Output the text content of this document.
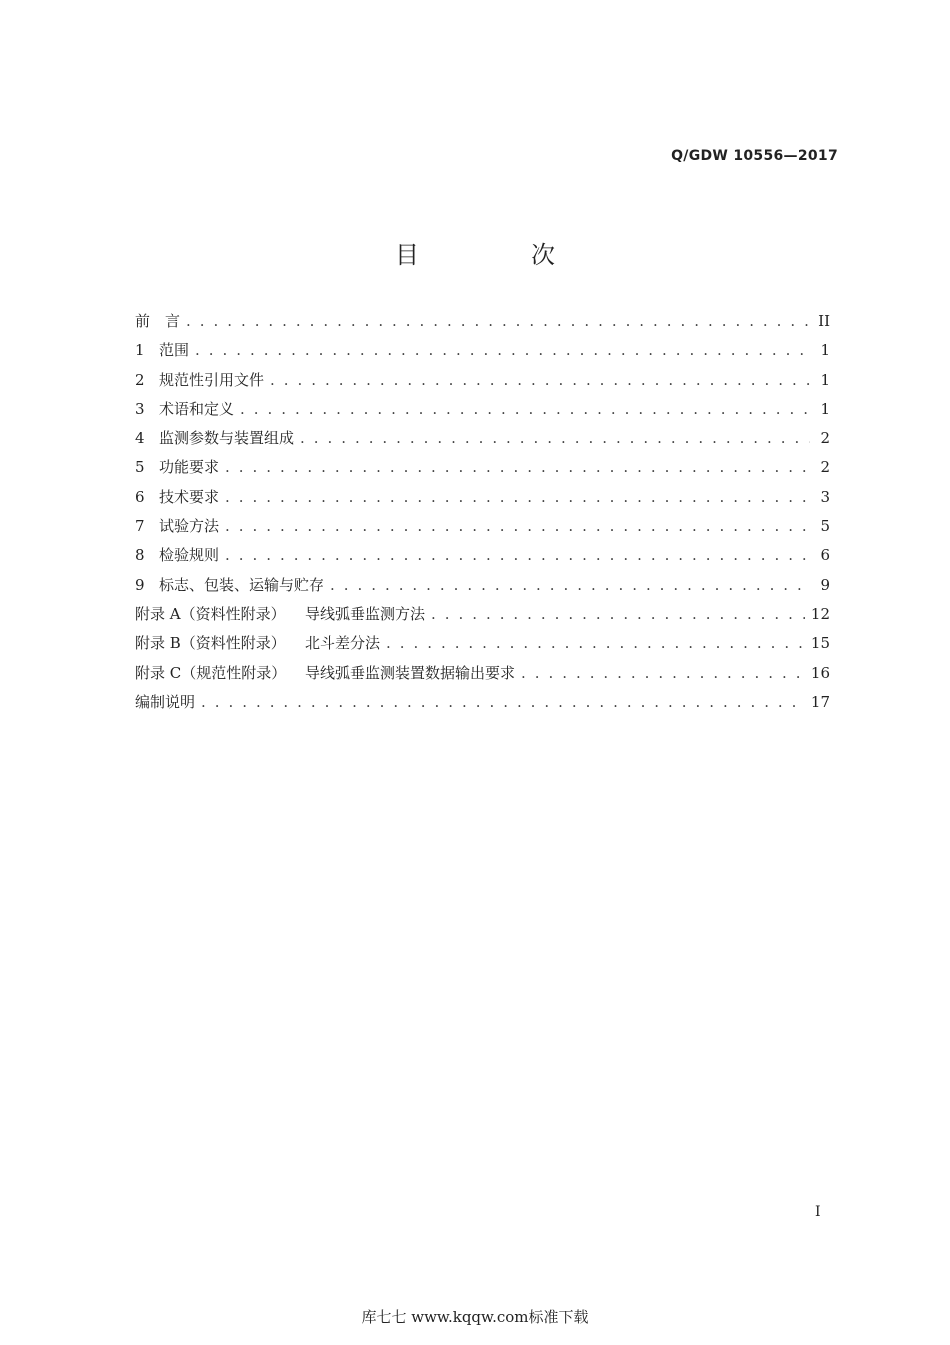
Q/GDW 10556—2017
目　次
前　言 . . .	II
1 范围 . . .	1
2 规范性引用文件 . . .	1
3 术语和定义 . . .	1
4 监测参数与装置组成 . . .	2
5 功能要求 . . .	2
6 技术要求 . . .	3
7 试验方法 . . .	5
8 检验规则 . . .	6
9 标志、包装、运输与贮存 . . .	9
附录 A（资料性附录）	导线弧垂监测方法 . . .	12
附录 B（资料性附录）	北斗差分法 . . .	15
附录 C（规范性附录）	导线弧垂监测装置数据输出要求 . . .	16
编制说明 . . .	17
I
库七七 www.kqqw.com标准下载
